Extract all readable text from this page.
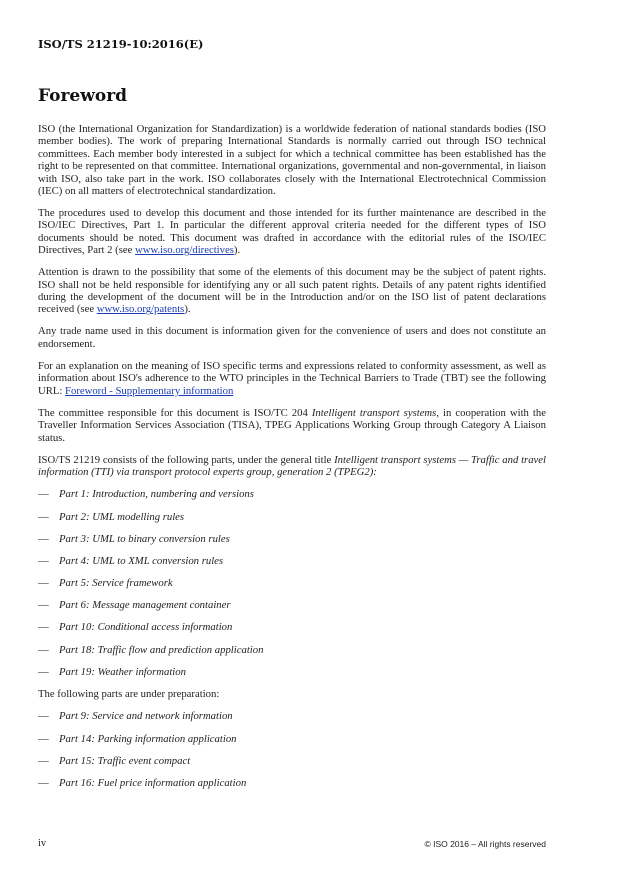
ISO/TS 21219-10:2016(E)
Foreword

ISO (the International Organization for Standardization) is a worldwide federation of national standards bodies (ISO member bodies). The work of preparing International Standards is normally carried out through ISO technical committees. Each member body interested in a subject for which a technical committee has been established has the right to be represented on that committee. International organizations, governmental and non-governmental, in liaison with ISO, also take part in the work. ISO collaborates closely with the International Electrotechnical Commission (IEC) on all matters of electrotechnical standardization.

The procedures used to develop this document and those intended for its further maintenance are described in the ISO/IEC Directives, Part 1. In particular the different approval criteria needed for the different types of ISO documents should be noted. This document was drafted in accordance with the editorial rules of the ISO/IEC Directives, Part 2 (see www.iso.org/directives).

Attention is drawn to the possibility that some of the elements of this document may be the subject of patent rights. ISO shall not be held responsible for identifying any or all such patent rights. Details of any patent rights identified during the development of the document will be in the Introduction and/or on the ISO list of patent declarations received (see www.iso.org/patents).

Any trade name used in this document is information given for the convenience of users and does not constitute an endorsement.

For an explanation on the meaning of ISO specific terms and expressions related to conformity assessment, as well as information about ISO's adherence to the WTO principles in the Technical Barriers to Trade (TBT) see the following URL: Foreword - Supplementary information

The committee responsible for this document is ISO/TC 204 Intelligent transport systems, in cooperation with the Traveller Information Services Association (TISA), TPEG Applications Working Group through Category A Liaison status.

ISO/TS 21219 consists of the following parts, under the general title Intelligent transport systems — Traffic and travel information (TTI) via transport protocol experts group, generation 2 (TPEG2):

— Part 1: Introduction, numbering and versions
— Part 2: UML modelling rules
— Part 3: UML to binary conversion rules
— Part 4: UML to XML conversion rules
— Part 5: Service framework
— Part 6: Message management container
— Part 10: Conditional access information
— Part 18: Traffic flow and prediction application
— Part 19: Weather information

The following parts are under preparation:

— Part 9: Service and network information
— Part 14: Parking information application
— Part 15: Traffic event compact
— Part 16: Fuel price information application
iv	© ISO 2016 – All rights reserved
